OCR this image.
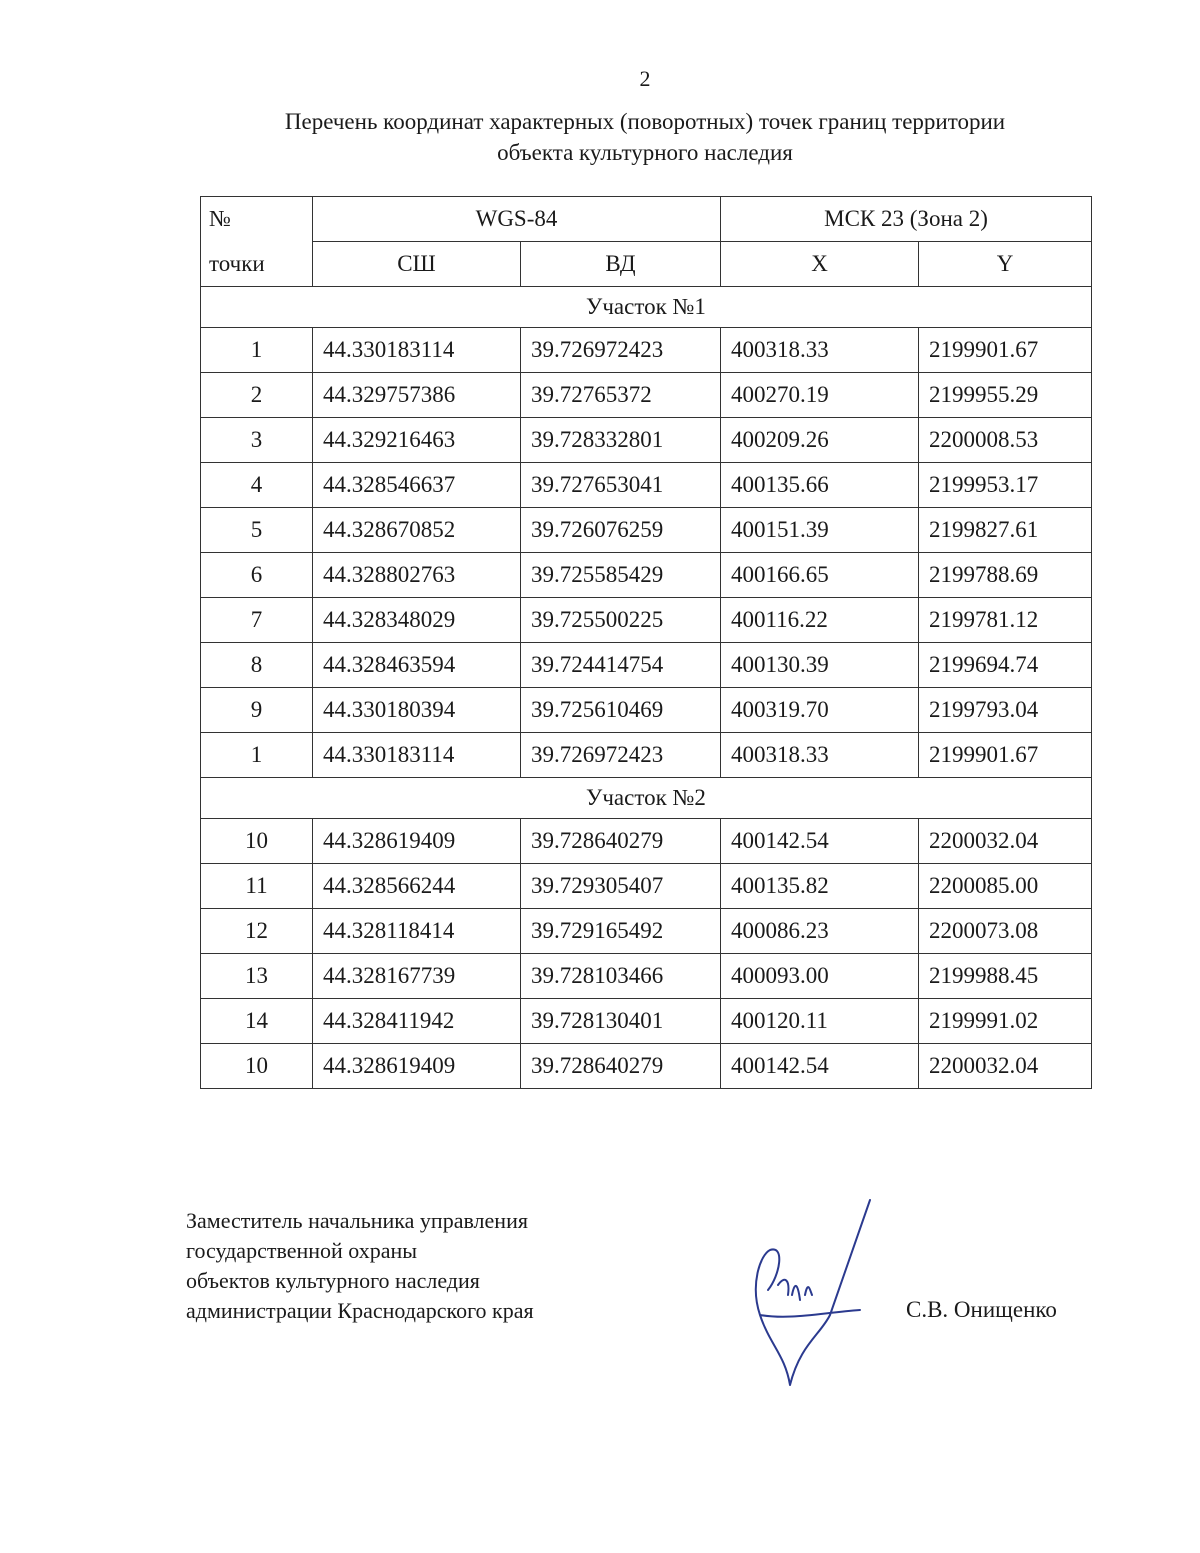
2
Перечень координат характерных (поворотных) точек границ территории
объекта культурного наследия
№	WGS-84		МСК 23 (Зона 2)	
точки	СШ	ВД	X	Y
Участок №1				
1	44.330183114	39.726972423	400318.33	2199901.67
2	44.329757386	39.72765372	400270.19	2199955.29
3	44.329216463	39.728332801	400209.26	2200008.53
4	44.328546637	39.727653041	400135.66	2199953.17
5	44.328670852	39.726076259	400151.39	2199827.61
6	44.328802763	39.725585429	400166.65	2199788.69
7	44.328348029	39.725500225	400116.22	2199781.12
8	44.328463594	39.724414754	400130.39	2199694.74
9	44.330180394	39.725610469	400319.70	2199793.04
1	44.330183114	39.726972423	400318.33	2199901.67
Участок №2				
10	44.328619409	39.728640279	400142.54	2200032.04
11	44.328566244	39.729305407	400135.82	2200085.00
12	44.328118414	39.729165492	400086.23	2200073.08
13	44.328167739	39.728103466	400093.00	2199988.45
14	44.328411942	39.728130401	400120.11	2199991.02
10	44.328619409	39.728640279	400142.54	2200032.04
Заместитель начальника управления
государственной охраны
объектов культурного наследия
администрации Краснодарского края	С.В. Онищенко
